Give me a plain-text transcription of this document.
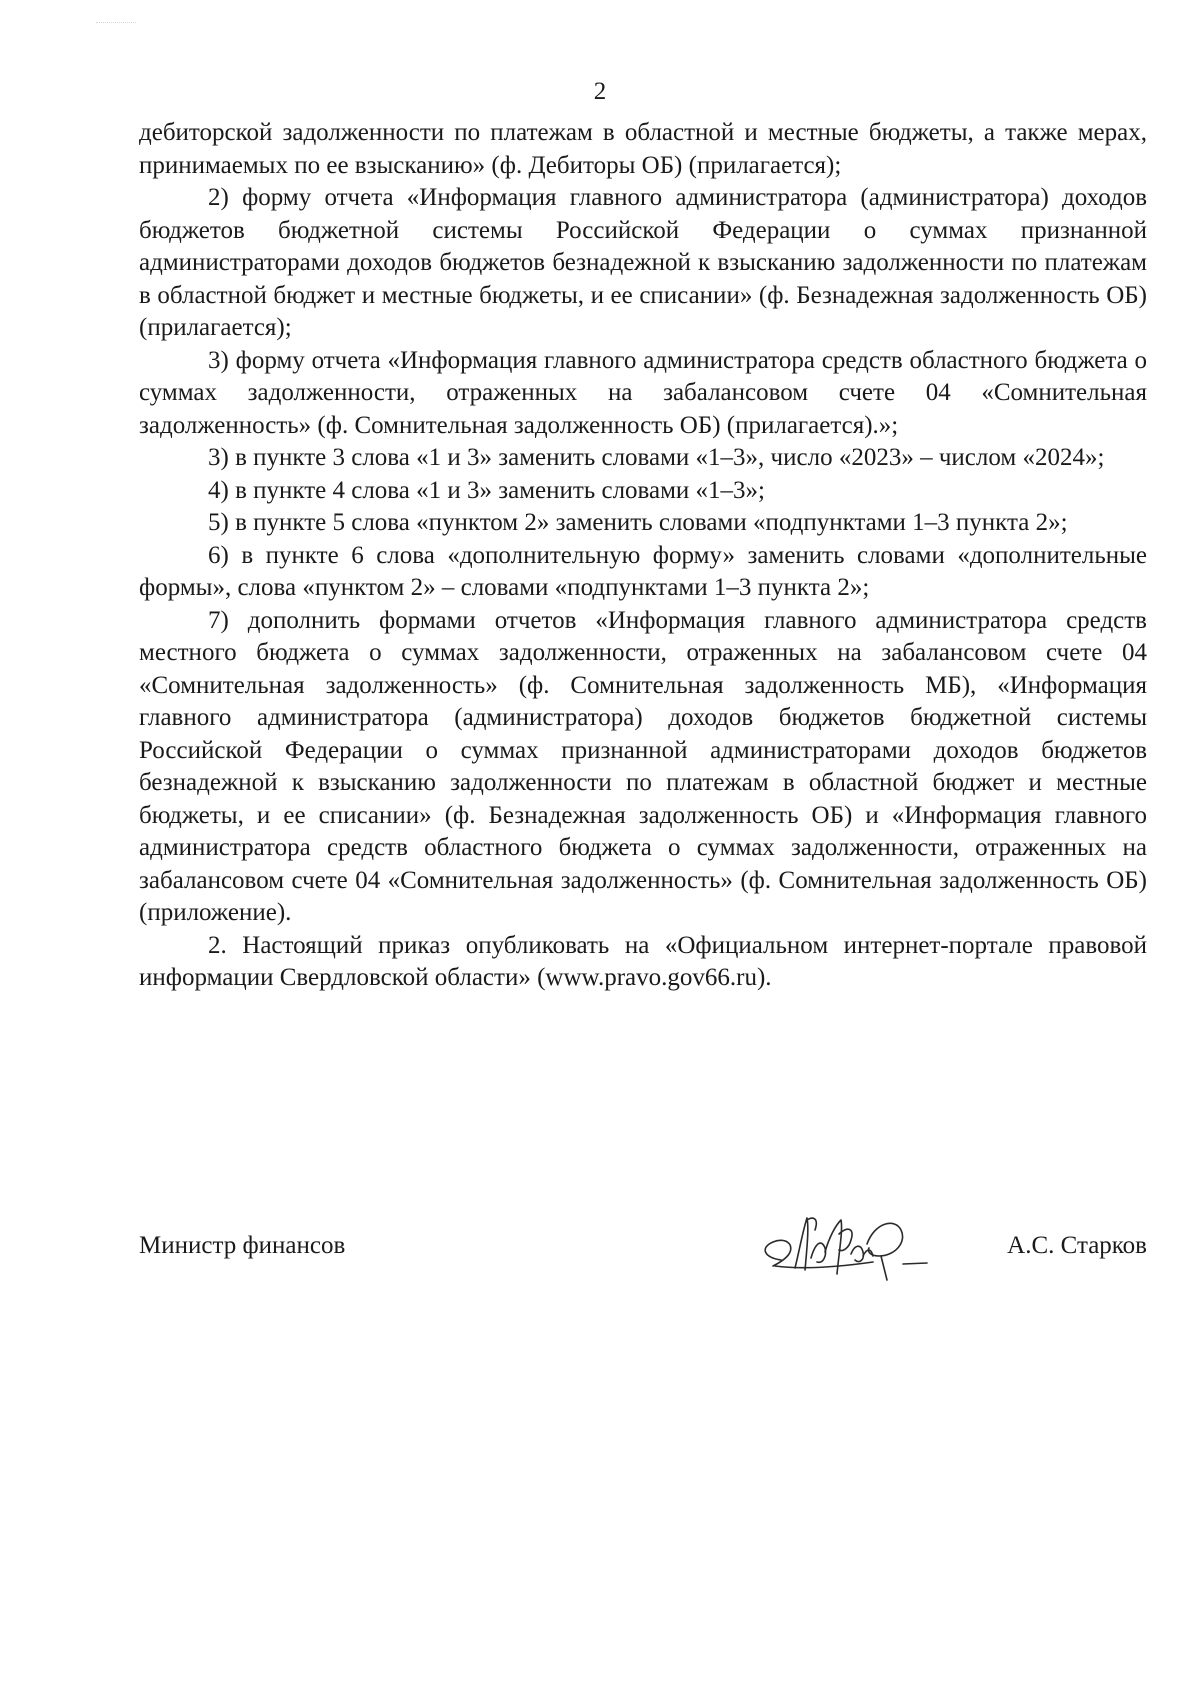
2

дебиторской задолженности по платежам в областной и местные бюджеты, а также мерах, принимаемых по ее взысканию» (ф. Дебиторы ОБ) (прилагается);

2) форму отчета «Информация главного администратора (администратора) доходов бюджетов бюджетной системы Российской Федерации о суммах признанной администраторами доходов бюджетов безнадежной к взысканию задолженности по платежам в областной бюджет и местные бюджеты, и ее списании» (ф. Безнадежная задолженность ОБ) (прилагается);

3) форму отчета «Информация главного администратора средств областного бюджета о суммах задолженности, отраженных на забалансовом счете 04 «Сомнительная задолженность» (ф. Сомнительная задолженность ОБ) (прилагается).»;

3) в пункте 3 слова «1 и 3» заменить словами «1–3», число «2023» – числом «2024»;

4) в пункте 4 слова «1 и 3» заменить словами «1–3»;

5) в пункте 5 слова «пунктом 2» заменить словами «подпунктами 1–3 пункта 2»;

6) в пункте 6 слова «дополнительную форму» заменить словами «дополнительные формы», слова «пунктом 2» – словами «подпунктами 1–3 пункта 2»;

7) дополнить формами отчетов «Информация главного администратора средств местного бюджета о суммах задолженности, отраженных на забалансовом счете 04 «Сомнительная задолженность» (ф. Сомнительная задолженность МБ), «Информация главного администратора (администратора) доходов бюджетов бюджетной системы Российской Федерации о суммах признанной администраторами доходов бюджетов безнадежной к взысканию задолженности по платежам в областной бюджет и местные бюджеты, и ее списании» (ф. Безнадежная задолженность ОБ) и «Информация главного администратора средств областного бюджета о суммах задолженности, отраженных на забалансовом счете 04 «Сомнительная задолженность» (ф. Сомнительная задолженность ОБ) (приложение).

2. Настоящий приказ опубликовать на «Официальном интернет-портале правовой информации Свердловской области» (www.pravo.gov66.ru).

Министр финансов	А.С. Старков
